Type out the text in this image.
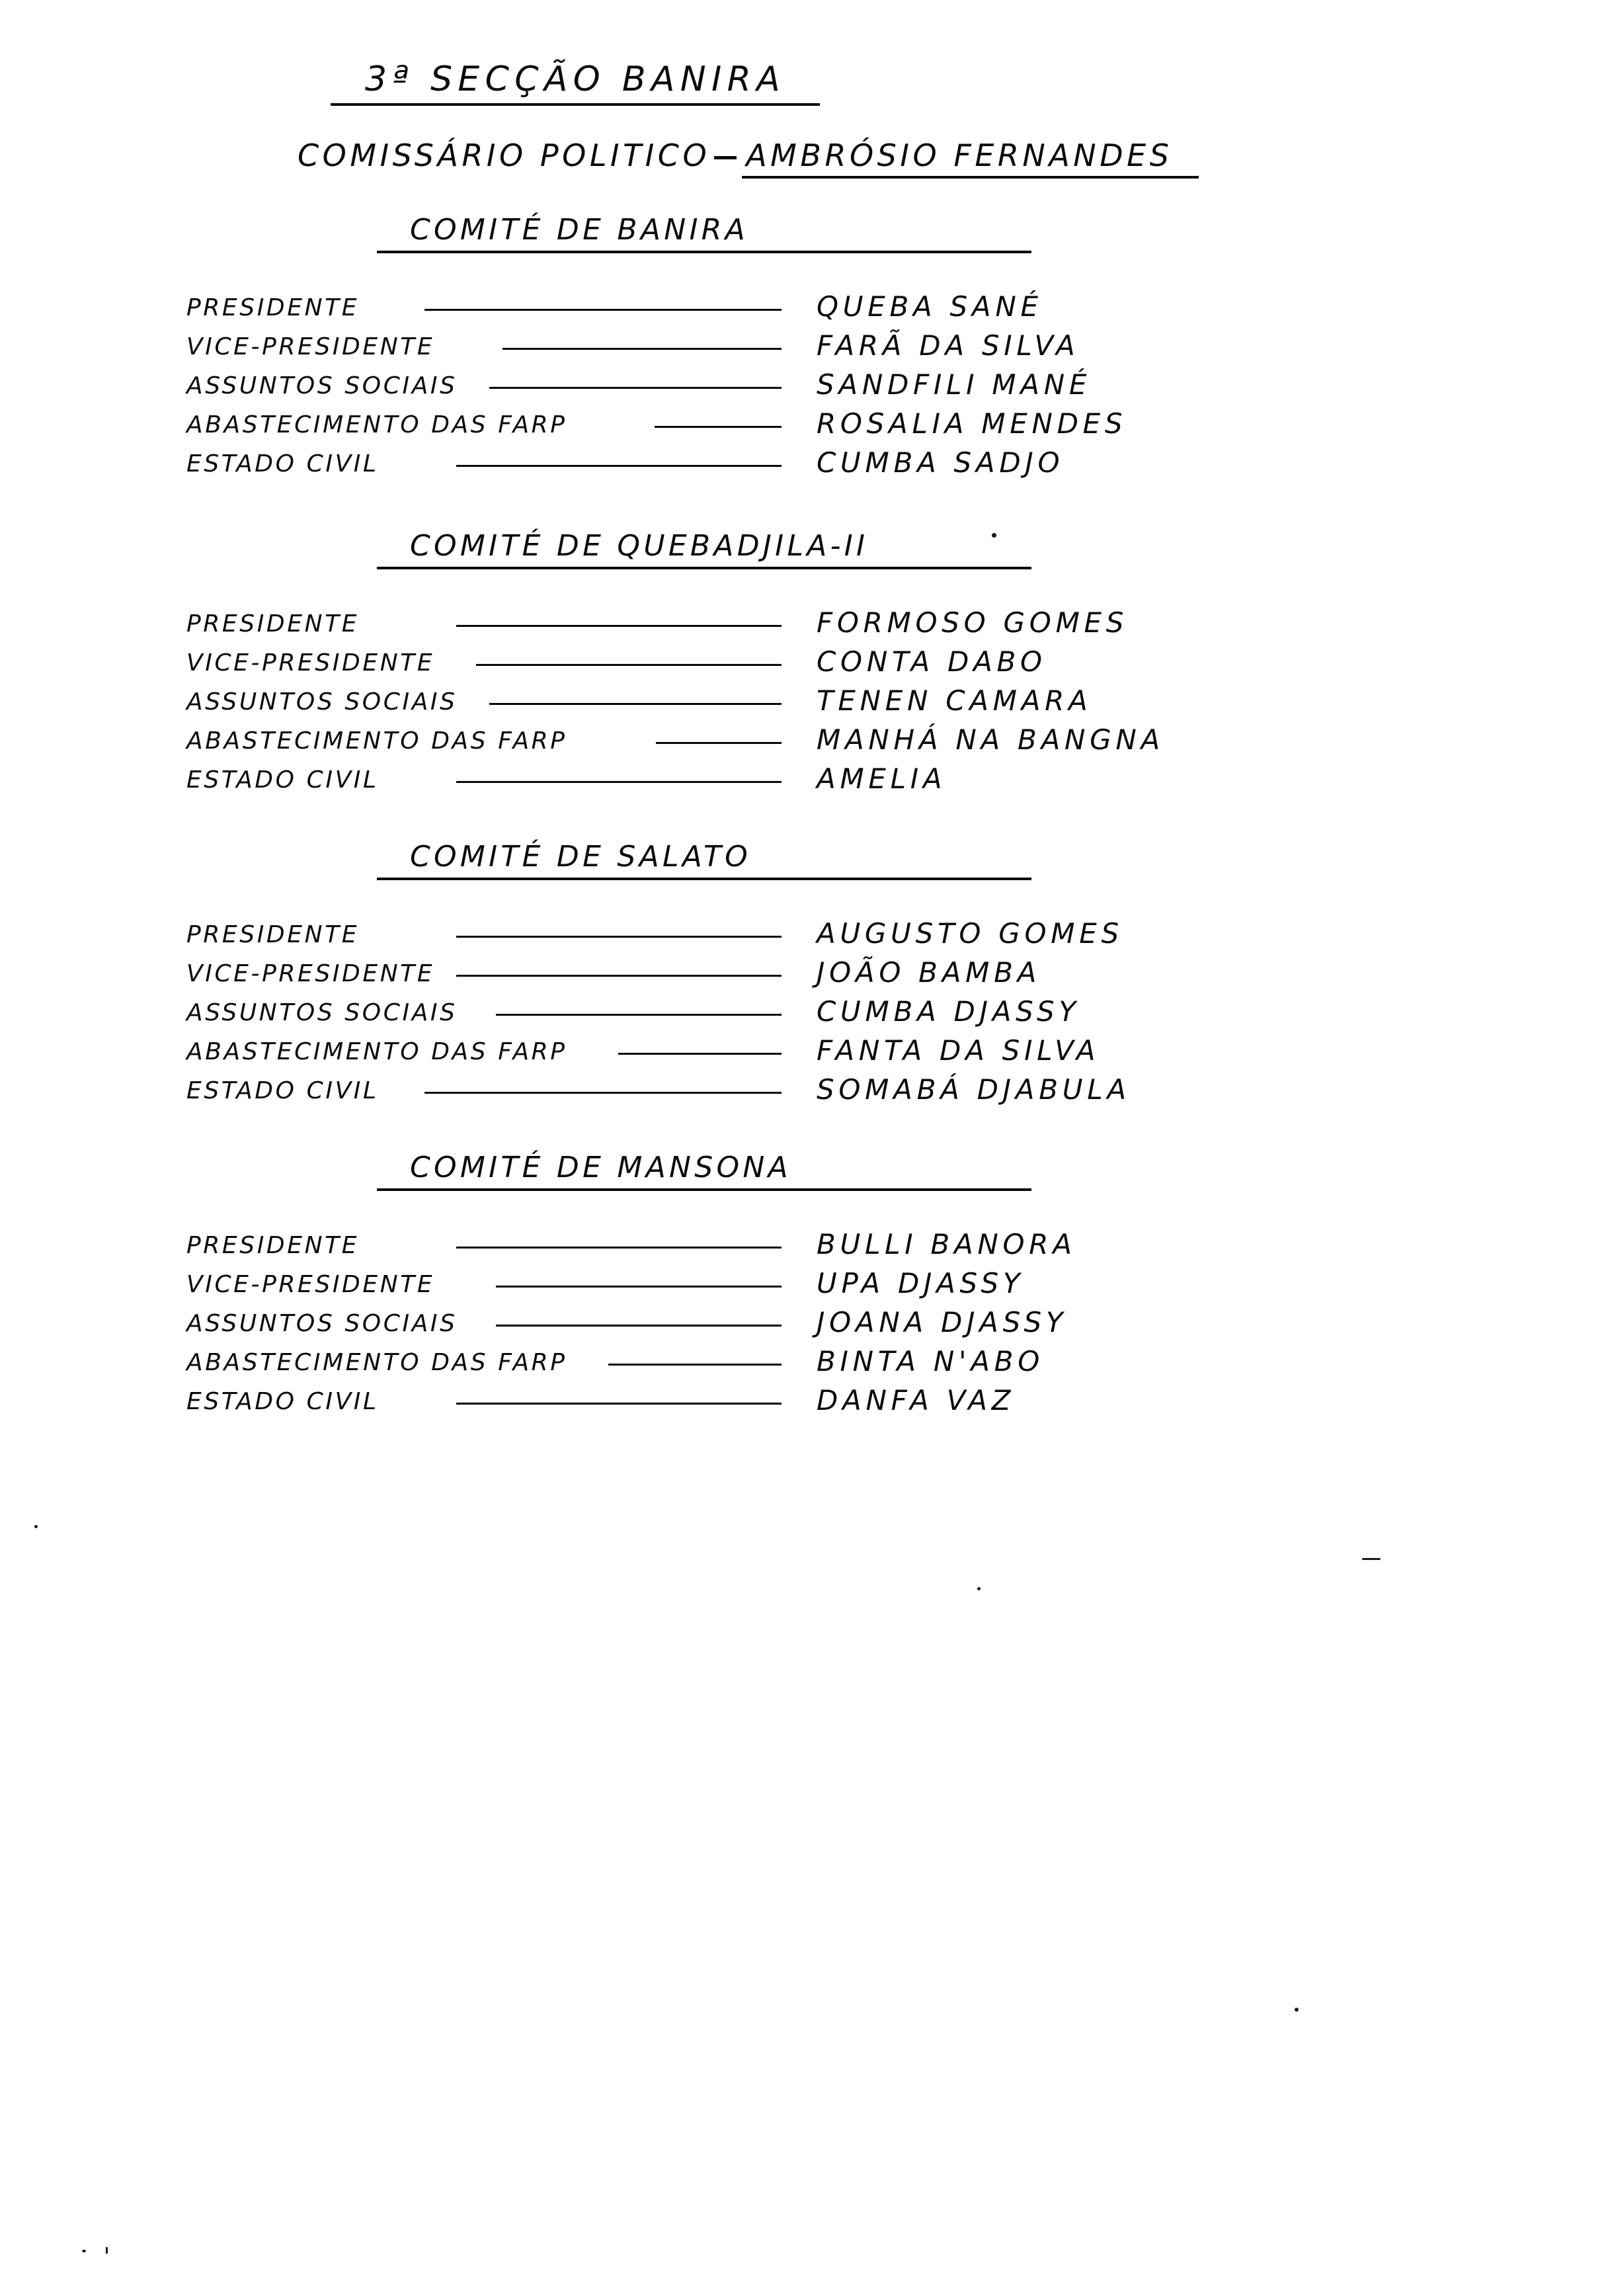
3ª SECÇÃO BANIRA
COMISSÁRIO POLITICO AMBRÓSIO FERNANDES
COMITÉ DE BANIRA
PRESIDENTE	QUEBA SANÉ
VICE-PRESIDENTE	FARÃ DA SILVA
ASSUNTOS SOCIAIS	SANDFILI MANÉ
ABASTECIMENTO DAS FARP	ROSALIA MENDES
ESTADO CIVIL	CUMBA SADJO
COMITÉ DE QUEBADJILA-II
PRESIDENTE	FORMOSO GOMES
VICE-PRESIDENTE	CONTA DABO
ASSUNTOS SOCIAIS	TENEN CAMARA
ABASTECIMENTO DAS FARP	MANHÁ NA BANGNA
ESTADO CIVIL	AMELIA
COMITÉ DE SALATO
PRESIDENTE	AUGUSTO GOMES
VICE-PRESIDENTE	JOÃO BAMBA
ASSUNTOS SOCIAIS	CUMBA DJASSY
ABASTECIMENTO DAS FARP	FANTA DA SILVA
ESTADO CIVIL	SOMABÁ DJABULA
COMITÉ DE MANSONA
PRESIDENTE	BULLI BANORA
VICE-PRESIDENTE	UPA DJASSY
ASSUNTOS SOCIAIS	JOANA DJASSY
ABASTECIMENTO DAS FARP	BINTA N'ABO
ESTADO CIVIL	DANFA VAZ
